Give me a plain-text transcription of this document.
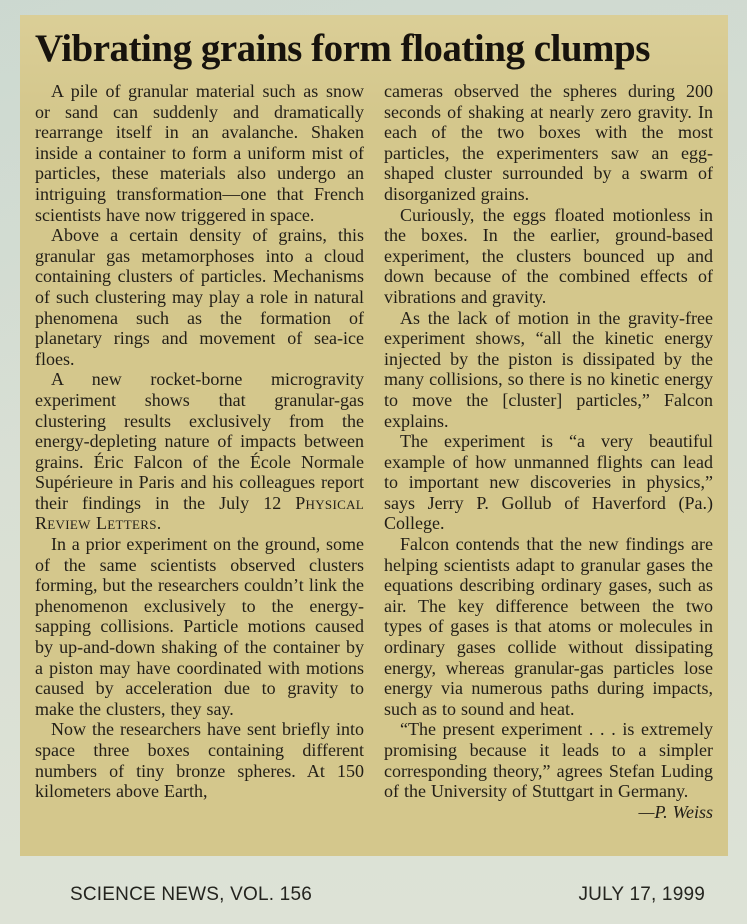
Vibrating grains form floating clumps

A pile of granular material such as snow or sand can suddenly and dramatically rearrange itself in an avalanche. Shaken inside a container to form a uniform mist of particles, these materials also undergo an intriguing transformation—one that French scientists have now triggered in space.

Above a certain density of grains, this granular gas metamorphoses into a cloud containing clusters of particles. Mechanisms of such clustering may play a role in natural phenomena such as the formation of planetary rings and movement of sea-ice floes.

A new rocket-borne microgravity experiment shows that granular-gas clustering results exclusively from the energy-depleting nature of impacts between grains. Éric Falcon of the École Normale Supérieure in Paris and his colleagues report their findings in the July 12 Physical Review Letters.

In a prior experiment on the ground, some of the same scientists observed clusters forming, but the researchers couldn’t link the phenomenon exclusively to the energy-sapping collisions. Particle motions caused by up-and-down shaking of the container by a piston may have coordinated with motions caused by acceleration due to gravity to make the clusters, they say.

Now the researchers have sent briefly into space three boxes containing different numbers of tiny bronze spheres. At 150 kilometers above Earth,

cameras observed the spheres during 200 seconds of shaking at nearly zero gravity. In each of the two boxes with the most particles, the experimenters saw an egg-shaped cluster surrounded by a swarm of disorganized grains.

Curiously, the eggs floated motionless in the boxes. In the earlier, ground-based experiment, the clusters bounced up and down because of the combined effects of vibrations and gravity.

As the lack of motion in the gravity-free experiment shows, “all the kinetic energy injected by the piston is dissipated by the many collisions, so there is no kinetic energy to move the [cluster] particles,” Falcon explains.

The experiment is “a very beautiful example of how unmanned flights can lead to important new discoveries in physics,” says Jerry P. Gollub of Haverford (Pa.) College.

Falcon contends that the new findings are helping scientists adapt to granular gases the equations describing ordinary gases, such as air. The key difference between the two types of gases is that atoms or molecules in ordinary gases collide without dissipating energy, whereas granular-gas particles lose energy via numerous paths during impacts, such as to sound and heat.

“The present experiment . . . is extremely promising because it leads to a simpler corresponding theory,” agrees Stefan Luding of the University of Stuttgart in Germany.
—P. Weiss

SCIENCE NEWS, VOL. 156	JULY 17, 1999
